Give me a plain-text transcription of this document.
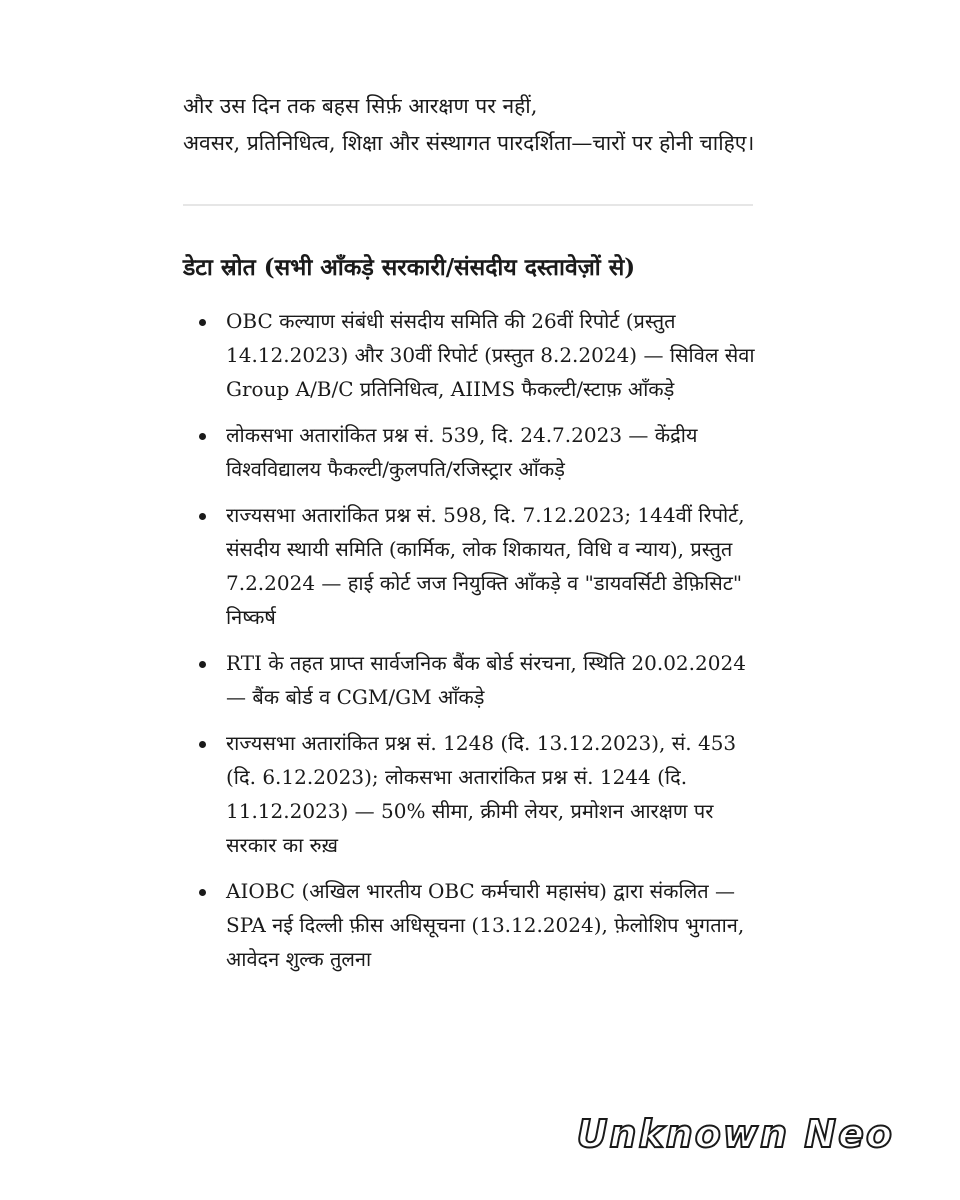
और उस दिन तक बहस सिर्फ़ आरक्षण पर नहीं,

अवसर, प्रतिनिधित्व, शिक्षा और संस्थागत पारदर्शिता—चारों पर होनी चाहिए।

डेटा स्रोत (सभी आँकड़े सरकारी/संसदीय दस्तावेज़ों से)
OBC कल्याण संबंधी संसदीय समिति की 26वीं रिपोर्ट (प्रस्तुत 14.12.2023) और 30वीं रिपोर्ट (प्रस्तुत 8.2.2024) — सिविल सेवा Group A/B/C प्रतिनिधित्व, AIIMS फैकल्टी/स्टाफ़ आँकड़े
लोकसभा अतारांकित प्रश्न सं. 539, दि. 24.7.2023 — केंद्रीय विश्वविद्यालय फैकल्टी/कुलपति/रजिस्ट्रार आँकड़े
राज्यसभा अतारांकित प्रश्न सं. 598, दि. 7.12.2023; 144वीं रिपोर्ट, संसदीय स्थायी समिति (कार्मिक, लोक शिकायत, विधि व न्याय), प्रस्तुत 7.2.2024 — हाई कोर्ट जज नियुक्ति आँकड़े व "डायवर्सिटी डेफ़िसिट" निष्कर्ष
RTI के तहत प्राप्त सार्वजनिक बैंक बोर्ड संरचना, स्थिति 20.02.2024 — बैंक बोर्ड व CGM/GM आँकड़े
राज्यसभा अतारांकित प्रश्न सं. 1248 (दि. 13.12.2023), सं. 453 (दि. 6.12.2023); लोकसभा अतारांकित प्रश्न सं. 1244 (दि. 11.12.2023) — 50% सीमा, क्रीमी लेयर, प्रमोशन आरक्षण पर सरकार का रुख़
AIOBC (अखिल भारतीय OBC कर्मचारी महासंघ) द्वारा संकलित — SPA नई दिल्ली फ़ीस अधिसूचना (13.12.2024), फ़ेलोशिप भुगतान, आवेदन शुल्क तुलना
Unknown Neo
